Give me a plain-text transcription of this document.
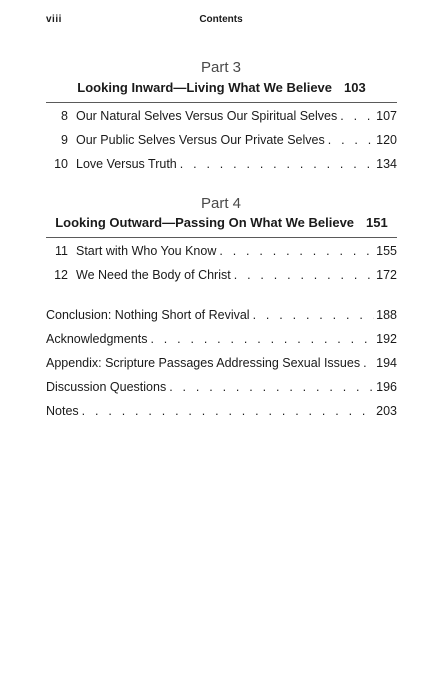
viii	Contents
Part 3
Looking Inward—Living What We Believe 103
8 Our Natural Selves Versus Our Spiritual Selves . . .	107
9 Our Public Selves Versus Our Private Selves . . .	120
10 Love Versus Truth . . .	134
Part 4
Looking Outward—Passing On What We Believe 151
11 Start with Who You Know . . .	155
12 We Need the Body of Christ . . .	172
Conclusion: Nothing Short of Revival . . .	188
Acknowledgments . . .	192
Appendix: Scripture Passages Addressing Sexual Issues . . . 194
Discussion Questions . . .	196
Notes . . .	203
